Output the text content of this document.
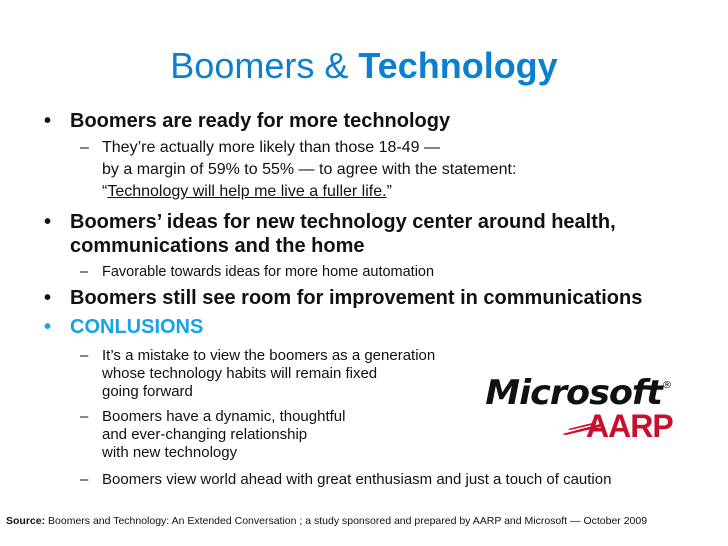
Boomers & Technology
• Boomers are ready for more technology
– They’re actually more likely than those 18-49 —
by a margin of 59% to 55% — to agree with the statement:
“Technology will help me live a fuller life.”
• Boomers’ ideas for new technology center around health,
communications and the home
– Favorable towards ideas for more home automation
• Boomers still see room for improvement in communications
• CONLUSIONS
– It’s a mistake to view the boomers as a generation
whose technology habits will remain fixed
going forward
– Boomers have a dynamic, thoughtful
and ever-changing relationship
with new technology
– Boomers view world ahead with great enthusiasm and just a touch of caution
Microsoft®
AARP
Source: Boomers and Technology: An Extended Conversation ; a study sponsored and prepared by AARP and Microsoft — October 2009
